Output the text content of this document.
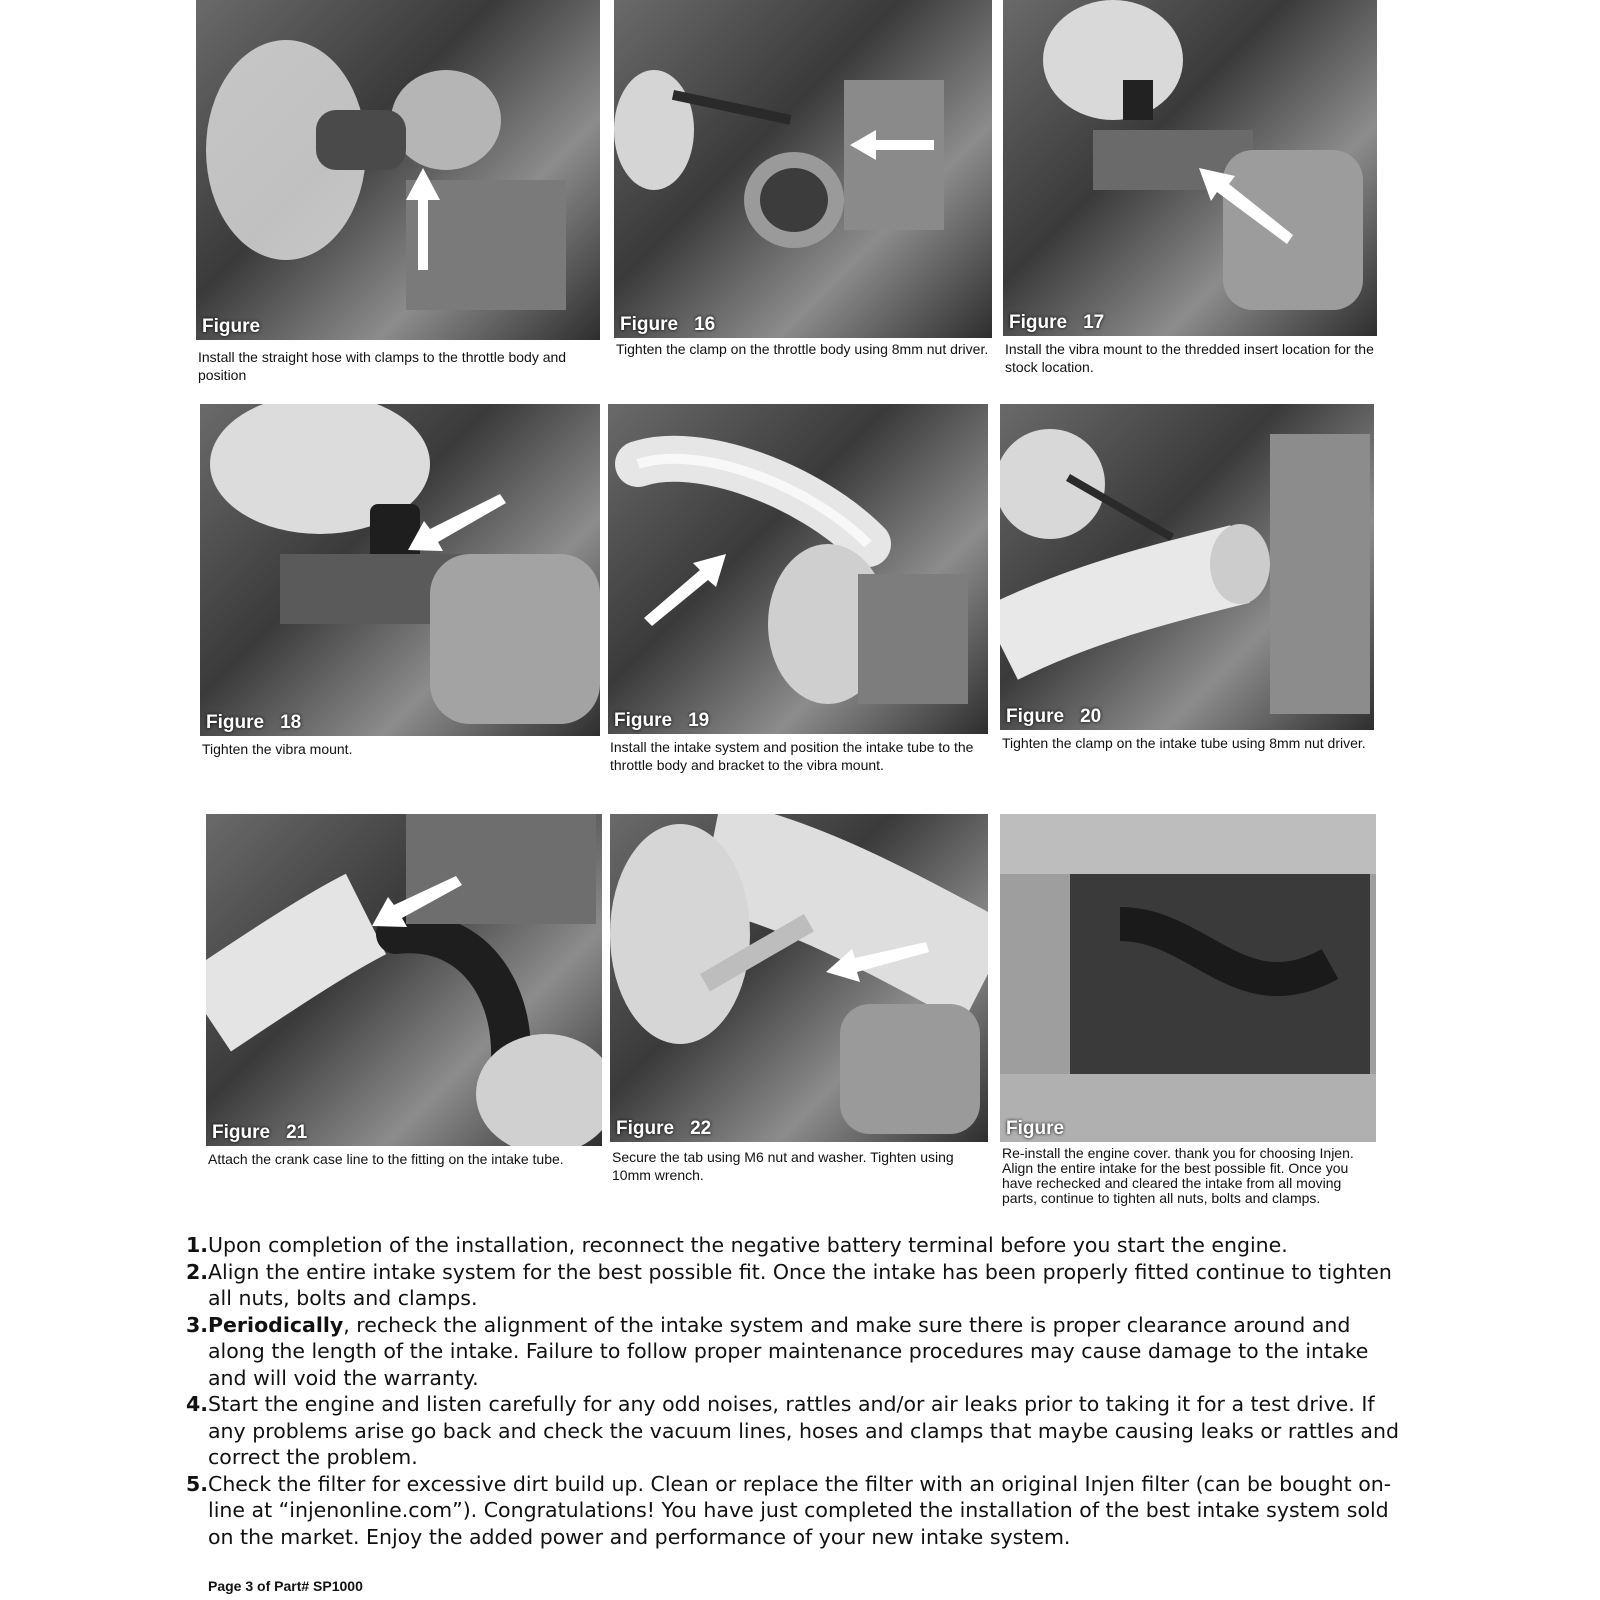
Figure
Install the straight hose with clamps to the throttle body and position
Figure 16
Tighten the clamp on the throttle body using 8mm nut driver.
Figure 17
Install the vibra mount to the thredded insert location for the stock location.
Figure 18
Tighten the vibra mount.
Figure 19
Install the intake system and position the intake tube to the throttle body and bracket to the vibra mount.
Figure 20
Tighten the clamp on the intake tube using 8mm nut driver.
Figure 21
Attach the crank case line to the fitting on the intake tube.
Figure 22
Secure the tab using M6 nut and washer. Tighten using 10mm wrench.
Figure
Re-install the engine cover. thank you for choosing Injen. Align the entire intake for the best possible fit. Once you have rechecked and cleared the intake from all moving parts, continue to tighten all nuts, bolts and clamps.
1. Upon completion of the installation, reconnect the negative battery terminal before you start the engine.
2. Align the entire intake system for the best possible fit. Once the intake has been properly fitted continue to tighten all nuts, bolts and clamps.
3. Periodically, recheck the alignment of the intake system and make sure there is proper clearance around and along the length of the intake. Failure to follow proper maintenance procedures may cause damage to the intake and will void the warranty.
4. Start the engine and listen carefully for any odd noises, rattles and/or air leaks prior to taking it for a test drive. If any problems arise go back and check the vacuum lines, hoses and clamps that maybe causing leaks or rattles and correct the problem.
5. Check the filter for excessive dirt build up. Clean or replace the filter with an original Injen filter (can be bought on-line at “injenonline.com”). Congratulations! You have just completed the installation of the best intake system sold on the market. Enjoy the added power and performance of your new intake system.
Page 3 of Part# SP1000
